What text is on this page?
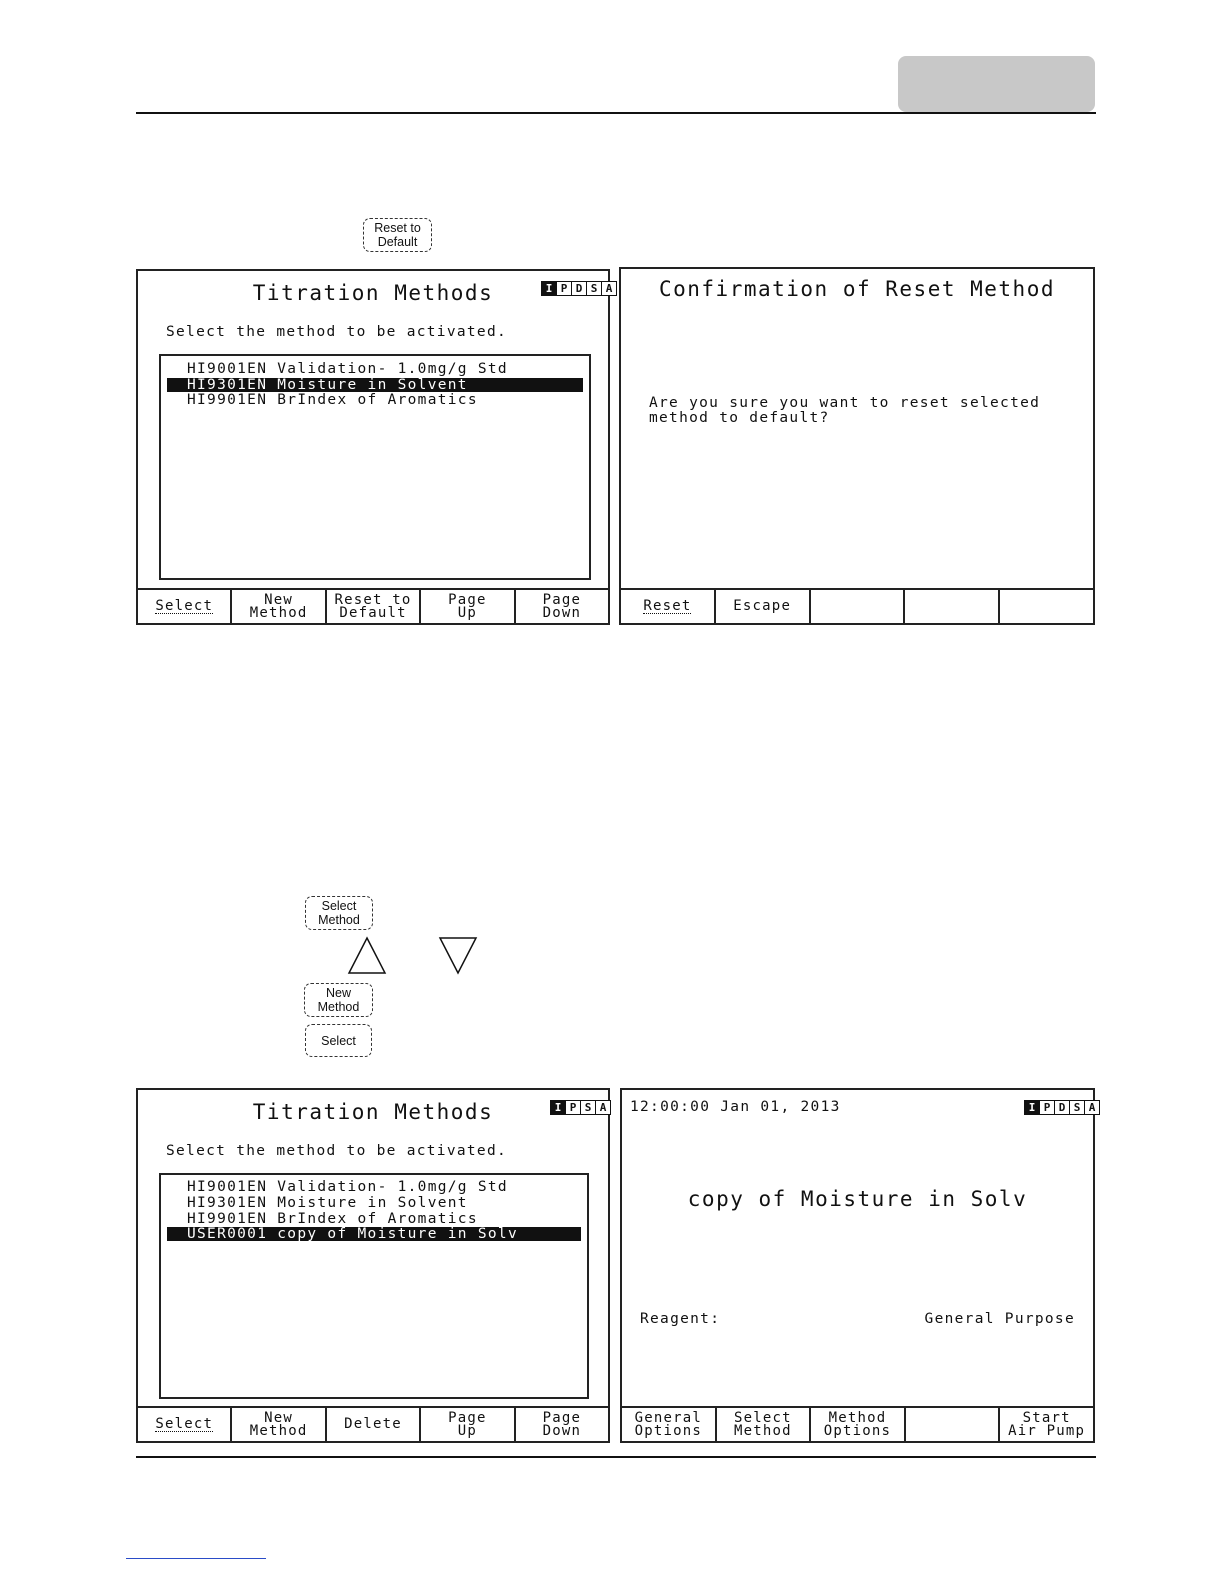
Reset to
Default
Titration Methods	I P D S A
Select the method to be activated.
HI9001EN Validation- 1.0mg/g Std
HI9301EN Moisture in Solvent
HI9901EN BrIndex of Aromatics
Select	New
Method
Reset to
Default
Page
Up
Page
Down
Confirmation of Reset Method
Are you sure you want to reset selected
method to default?
Reset	Escape
Select
Method
New
Method
Select
Titration Methods	I P S A
Select the method to be activated.
HI9001EN Validation- 1.0mg/g Std
HI9301EN Moisture in Solvent
HI9901EN BrIndex of Aromatics
USER0001 copy of Moisture in Solv
Select	New
Method	Delete	Page
Up
Page
Down
12:00:00 Jan 01, 2013	I P D S A
copy of Moisture in Solv
Reagent:	General Purpose
General
Options
Select
Method
Method
Options
Start
Air Pump
